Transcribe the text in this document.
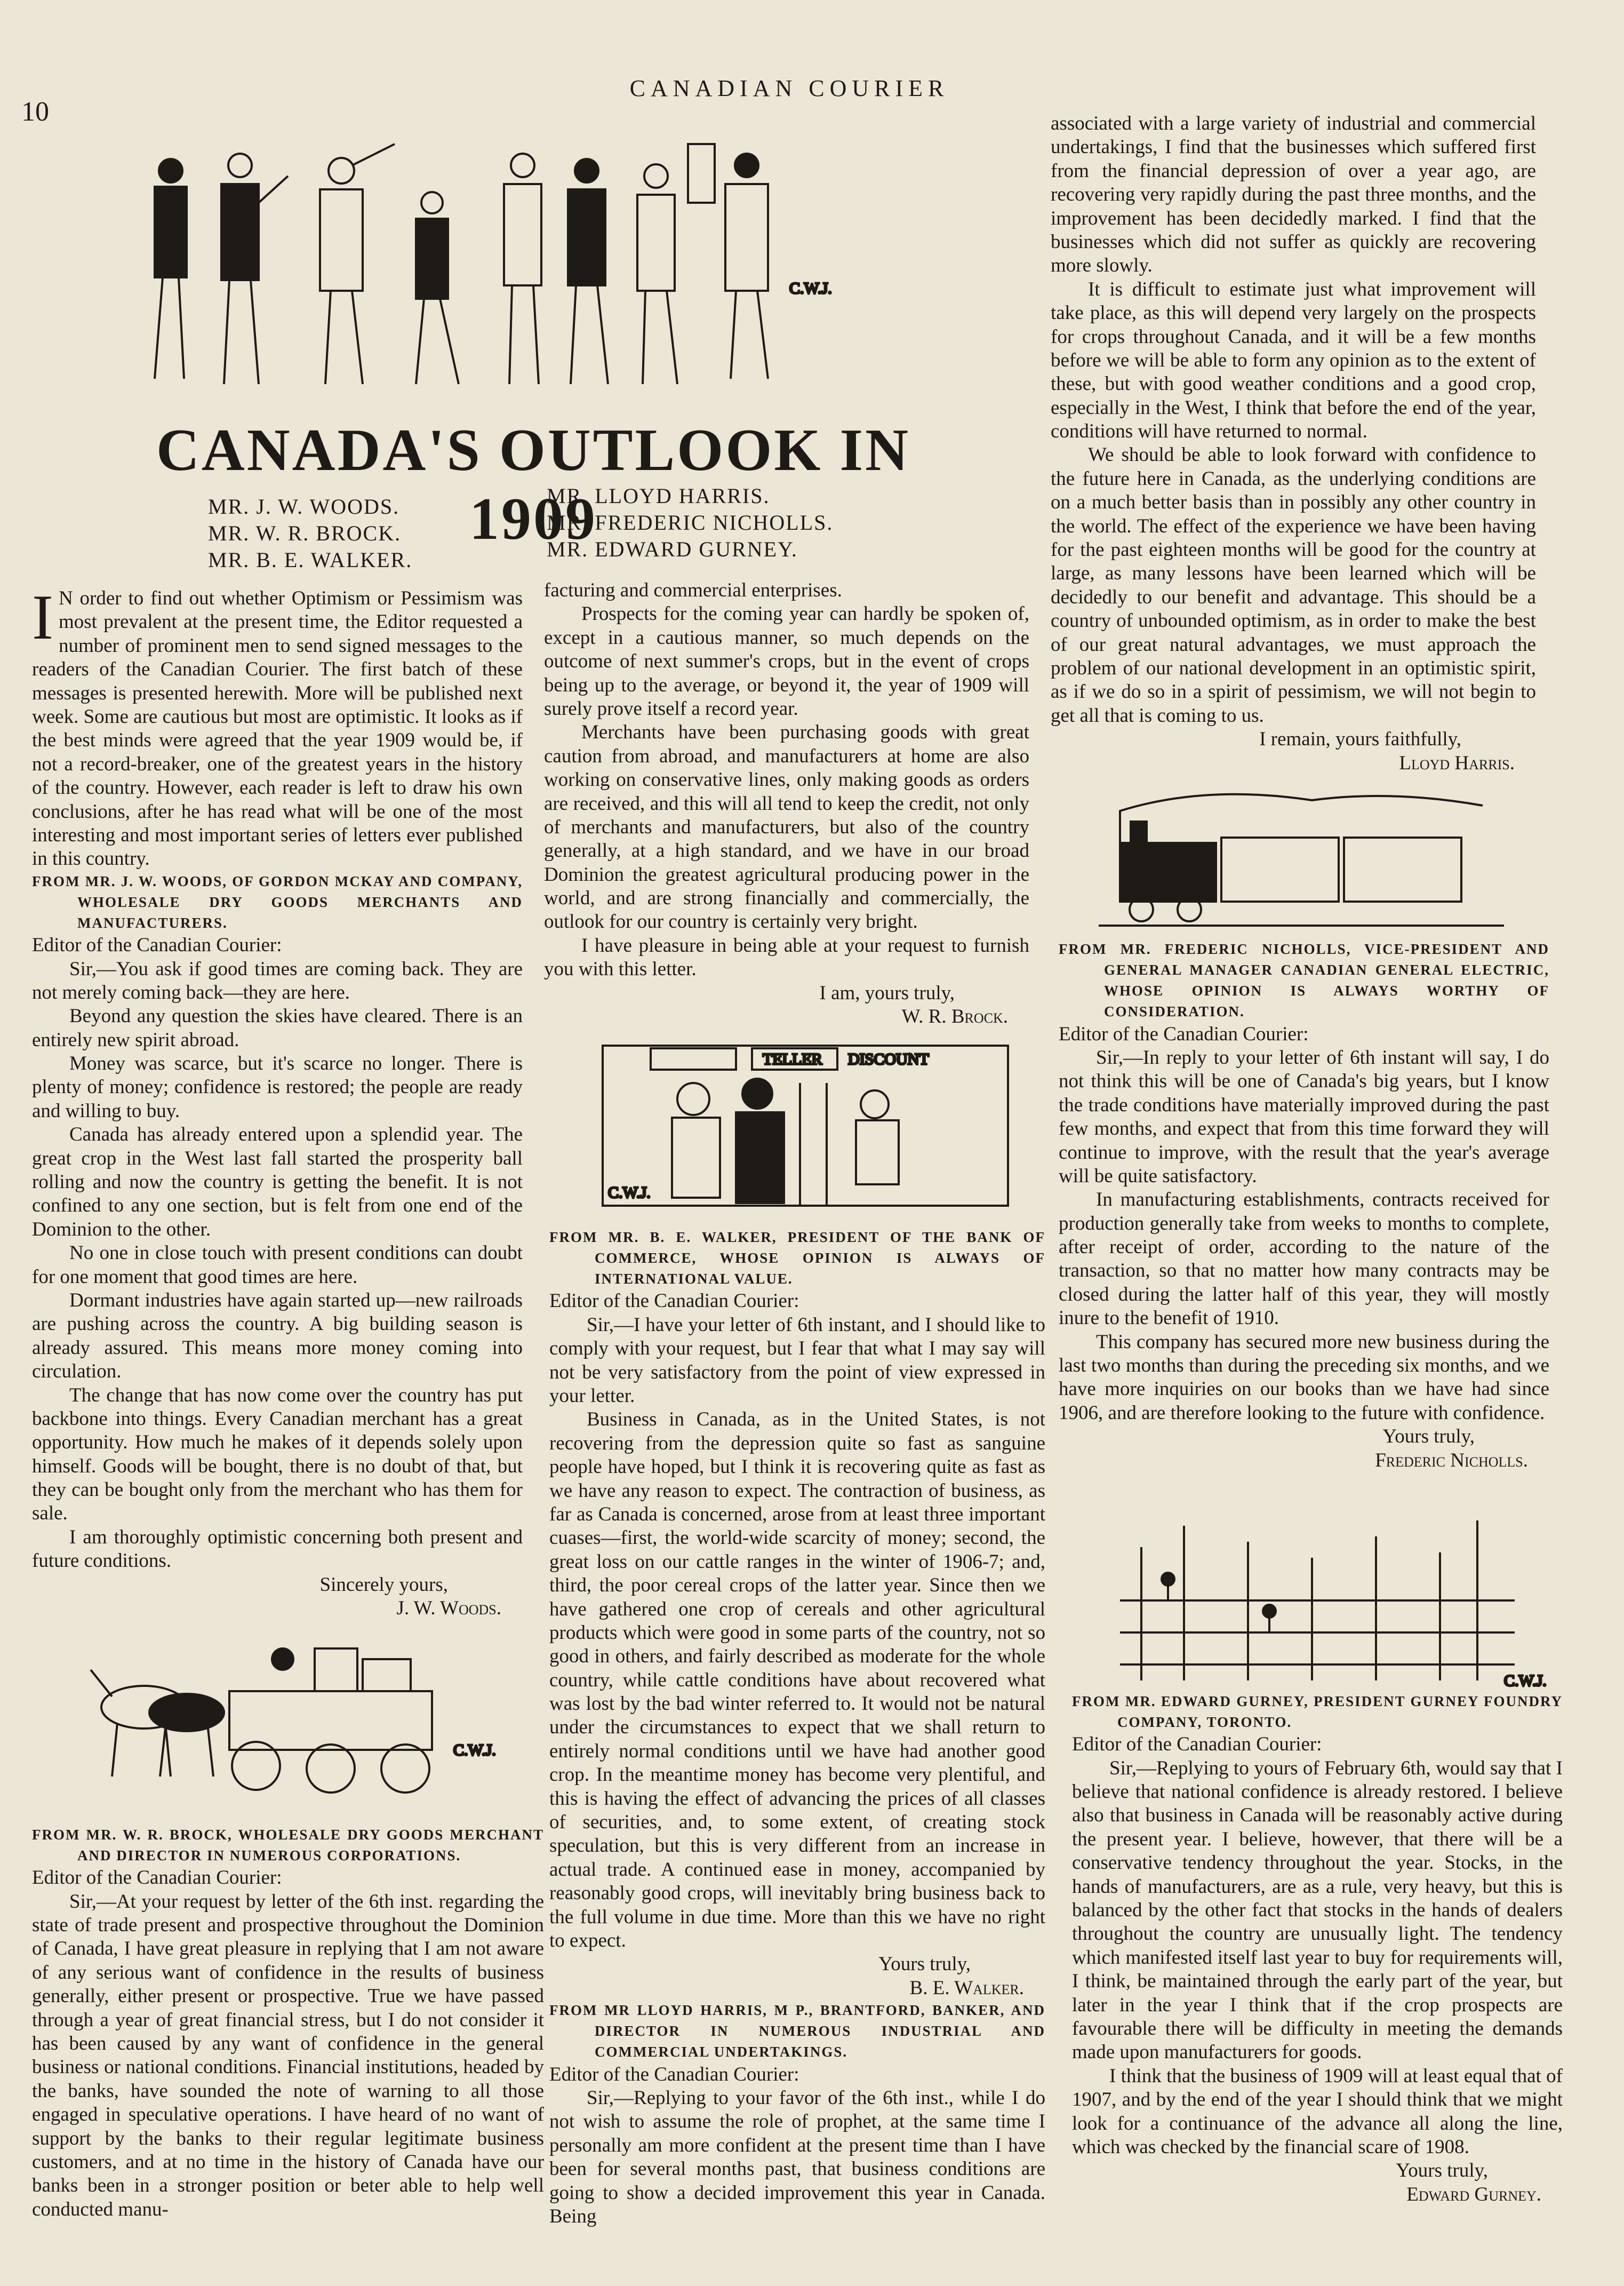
10
CANADIAN COURIER
C.W.J.
CANADA'S OUTLOOK IN 1909
MR. J. W. WOODS.
MR. W. R. BROCK.
MR. B. E. WALKER.
MR. LLOYD HARRIS.
MR. FREDERIC NICHOLLS.
MR. EDWARD GURNEY.

I N order to find out whether Optimism or Pessimism was most prevalent at the present time, the Editor requested a number of prominent men to send signed messages to the readers of the Canadian Courier. The first batch of these messages is presented herewith. More will be published next week. Some are cautious but most are optimistic. It looks as if the best minds were agreed that the year 1909 would be, if not a record-breaker, one of the greatest years in the history of the country. However, each reader is left to draw his own conclusions, after he has read what will be one of the most interesting and most important series of letters ever published in this country.

FROM MR. J. W. WOODS, OF GORDON MCKAY AND COMPANY, WHOLESALE DRY GOODS MERCHANTS AND MANUFACTURERS.

Editor of the Canadian Courier:

Sir,—You ask if good times are coming back. They are not merely coming back—they are here.

Beyond any question the skies have cleared. There is an entirely new spirit abroad.

Money was scarce, but it's scarce no longer. There is plenty of money; confidence is restored; the people are ready and willing to buy.

Canada has already entered upon a splendid year. The great crop in the West last fall started the prosperity ball rolling and now the country is getting the benefit. It is not confined to any one section, but is felt from one end of the Dominion to the other.

No one in close touch with present conditions can doubt for one moment that good times are here.

Dormant industries have again started up—new railroads are pushing across the country. A big building season is already assured. This means more money coming into circulation.

The change that has now come over the country has put backbone into things. Every Canadian merchant has a great opportunity. How much he makes of it depends solely upon himself. Goods will be bought, there is no doubt of that, but they can be bought only from the merchant who has them for sale.

I am thoroughly optimistic concerning both present and future conditions.

Sincerely yours,

J. W. Woods.

C.W.J.

FROM MR. W. R. BROCK, WHOLESALE DRY GOODS MERCHANT AND DIRECTOR IN NUMEROUS CORPORATIONS.

Editor of the Canadian Courier:

Sir,—At your request by letter of the 6th inst. regarding the state of trade present and prospective throughout the Dominion of Canada, I have great pleasure in replying that I am not aware of any serious want of confidence in the results of business generally, either present or prospective. True we have passed through a year of great financial stress, but I do not consider it has been caused by any want of confidence in the general business or national conditions. Financial institutions, headed by the banks, have sounded the note of warning to all those engaged in speculative operations. I have heard of no want of support by the banks to their regular legitimate business customers, and at no time in the history of Canada have our banks been in a stronger position or beter able to help well conducted manu-

facturing and commercial enterprises.

Prospects for the coming year can hardly be spoken of, except in a cautious manner, so much depends on the outcome of next summer's crops, but in the event of crops being up to the average, or beyond it, the year of 1909 will surely prove itself a record year.

Merchants have been purchasing goods with great caution from abroad, and manufacturers at home are also working on conservative lines, only making goods as orders are received, and this will all tend to keep the credit, not only of merchants and manufacturers, but also of the country generally, at a high standard, and we have in our broad Dominion the greatest agricultural producing power in the world, and are strong financially and commercially, the outlook for our country is certainly very bright.

I have pleasure in being able at your request to furnish you with this letter.

I am, yours truly,

W. R. Brock.

TELLER DISCOUNT
C.W.J.

FROM MR. B. E. WALKER, PRESIDENT OF THE BANK OF COMMERCE, WHOSE OPINION IS ALWAYS OF INTERNATIONAL VALUE.

Editor of the Canadian Courier:

Sir,—I have your letter of 6th instant, and I should like to comply with your request, but I fear that what I may say will not be very satisfactory from the point of view expressed in your letter.

Business in Canada, as in the United States, is not recovering from the depression quite so fast as sanguine people have hoped, but I think it is recovering quite as fast as we have any reason to expect. The contraction of business, as far as Canada is concerned, arose from at least three important cuases—first, the world-wide scarcity of money; second, the great loss on our cattle ranges in the winter of 1906-7; and, third, the poor cereal crops of the latter year. Since then we have gathered one crop of cereals and other agricultural products which were good in some parts of the country, not so good in others, and fairly described as moderate for the whole country, while cattle conditions have about recovered what was lost by the bad winter referred to. It would not be natural under the circumstances to expect that we shall return to entirely normal conditions until we have had another good crop. In the meantime money has become very plentiful, and this is having the effect of advancing the prices of all classes of securities, and, to some extent, of creating stock speculation, but this is very different from an increase in actual trade. A continued ease in money, accompanied by reasonably good crops, will inevitably bring business back to the full volume in due time. More than this we have no right to expect.

Yours truly,

B. E. Walker.

FROM MR LLOYD HARRIS, M P., BRANTFORD, BANKER, AND DIRECTOR IN NUMEROUS INDUSTRIAL AND COMMERCIAL UNDERTAKINGS.

Editor of the Canadian Courier:

Sir,—Replying to your favor of the 6th inst., while I do not wish to assume the role of prophet, at the same time I personally am more confident at the present time than I have been for several months past, that business conditions are going to show a decided improvement this year in Canada. Being

associated with a large variety of industrial and commercial undertakings, I find that the businesses which suffered first from the financial depression of over a year ago, are recovering very rapidly during the past three months, and the improvement has been decidedly marked. I find that the businesses which did not suffer as quickly are recovering more slowly.

It is difficult to estimate just what improvement will take place, as this will depend very largely on the prospects for crops throughout Canada, and it will be a few months before we will be able to form any opinion as to the extent of these, but with good weather conditions and a good crop, especially in the West, I think that before the end of the year, conditions will have returned to normal.

We should be able to look forward with confidence to the future here in Canada, as the underlying conditions are on a much better basis than in possibly any other country in the world. The effect of the experience we have been having for the past eighteen months will be good for the country at large, as many lessons have been learned which will be decidedly to our benefit and advantage. This should be a country of unbounded optimism, as in order to make the best of our great natural advantages, we must approach the problem of our national development in an optimistic spirit, as if we do so in a spirit of pessimism, we will not begin to get all that is coming to us.

I remain, yours faithfully,

Lloyd Harris.

FROM MR. FREDERIC NICHOLLS, VICE-PRESIDENT AND GENERAL MANAGER CANADIAN GENERAL ELECTRIC, WHOSE OPINION IS ALWAYS WORTHY OF CONSIDERATION.

Editor of the Canadian Courier:

Sir,—In reply to your letter of 6th instant will say, I do not think this will be one of Canada's big years, but I know the trade conditions have materially improved during the past few months, and expect that from this time forward they will continue to improve, with the result that the year's average will be quite satisfactory.

In manufacturing establishments, contracts received for production generally take from weeks to months to complete, after receipt of order, according to the nature of the transaction, so that no matter how many contracts may be closed during the latter half of this year, they will mostly inure to the benefit of 1910.

This company has secured more new business during the last two months than during the preceding six months, and we have more inquiries on our books than we have had since 1906, and are therefore looking to the future with confidence.

Yours truly,

Frederic Nicholls.

C.W.J.

FROM MR. EDWARD GURNEY, PRESIDENT GURNEY FOUNDRY COMPANY, TORONTO.

Editor of the Canadian Courier:

Sir,—Replying to yours of February 6th, would say that I believe that national confidence is already restored. I believe also that business in Canada will be reasonably active during the present year. I believe, however, that there will be a conservative tendency throughout the year. Stocks, in the hands of manufacturers, are as a rule, very heavy, but this is balanced by the other fact that stocks in the hands of dealers throughout the country are unusually light. The tendency which manifested itself last year to buy for requirements will, I think, be maintained through the early part of the year, but later in the year I think that if the crop prospects are favourable there will be difficulty in meeting the demands made upon manufacturers for goods.

I think that the business of 1909 will at least equal that of 1907, and by the end of the year I should think that we might look for a continuance of the advance all along the line, which was checked by the financial scare of 1908.

Yours truly,

Edward Gurney.
